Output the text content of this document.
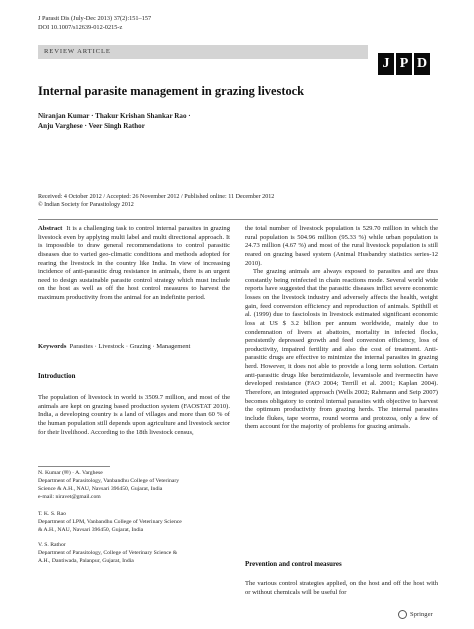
J Parasit Dis (July-Dec 2013) 37(2):151–157
DOI 10.1007/s12639-012-0215-z
REVIEW ARTICLE
J P D
Internal parasite management in grazing livestock
Niranjan Kumar · Thakur Krishan Shankar Rao ·
Anju Varghese · Veer Singh Rathor
Received: 4 October 2012 / Accepted: 26 November 2012 / Published online: 11 December 2012
© Indian Society for Parasitology 2012

Abstract It is a challenging task to control internal parasites in grazing livestock even by applying multi label and multi directional approach. It is impossible to draw general recommendations to control parasitic diseases due to varied geo-climatic conditions and methods adopted for rearing the livestock in the country like India. In view of increasing incidence of anti-parasitic drug resistance in animals, there is an urgent need to design sustainable parasite control strategy which must include on the host as well as off the host control measures to harvest the maximum productivity from the animal for an indefinite period.

Keywords Parasites · Livestock · Grazing · Management

Introduction

The population of livestock in world is 3509.7 million, and most of the animals are kept on grazing based production system (FAOSTAT 2010). India, a developing country is a land of villages and more than 60 % of the human population still depends upon agriculture and livestock sector for their livelihood. According to the 18th livestock census,

N. Kumar (✉) · A. Varghese

Department of Parasitology, Vanbandhu College of Veterinary

Science & A.H., NAU, Navsari 396450, Gujarat, India

e-mail: niravet@gmail.com

T. K. S. Rao

Department of LPM, Vanbandhu College of Veterinary Science

& A.H., NAU, Navsari 396450, Gujarat, India

V. S. Rathor

Department of Parasitology, College of Veterinary Science &

A.H., Dantiwada, Palanpur, Gujarat, India

the total number of livestock population is 529.70 million in which the rural population is 504.96 million (95.33 %) while urban population is 24.73 million (4.67 %) and most of the rural livestock population is still reared on grazing based system (Animal Husbandry statistics series-12 2010).

The grazing animals are always exposed to parasites and are thus constantly being reinfected in chain reactions mode. Several world wide reports have suggested that the parasitic diseases inflict severe economic losses on the livestock industry and adversely affects the health, weight gain, feed conversion efficiency and reproduction of animals. Spithill et al. (1999) due to fasciolosis in livestock estimated significant economic loss at US $ 3.2 billion per annum worldwide, mainly due to condemnation of livers at abattoirs, mortality in infected flocks, persistently depressed growth and feed conversion efficiency, loss of productivity, impaired fertility and also the cost of treatment. Anti-parasitic drugs are effective to minimize the internal parasites in grazing herd. However, it does not able to provide a long term solution. Certain anti-parasitic drugs like benzimidazole, levamisole and ivermectin have developed resistance (FAO 2004; Terrill et al. 2001; Kaplan 2004). Therefore, an integrated approach (Wells 2002; Rahmann and Seip 2007) becomes obligatory to control internal parasites with objective to harvest the optimum productivity from grazing herds. The internal parasites include flukes, tape worms, round worms and protozoa, only a few of them account for the majority of problems for grazing animals.

Prevention and control measures

The various control strategies applied, on the host and off the host with or without chemicals will be useful for

Springer
